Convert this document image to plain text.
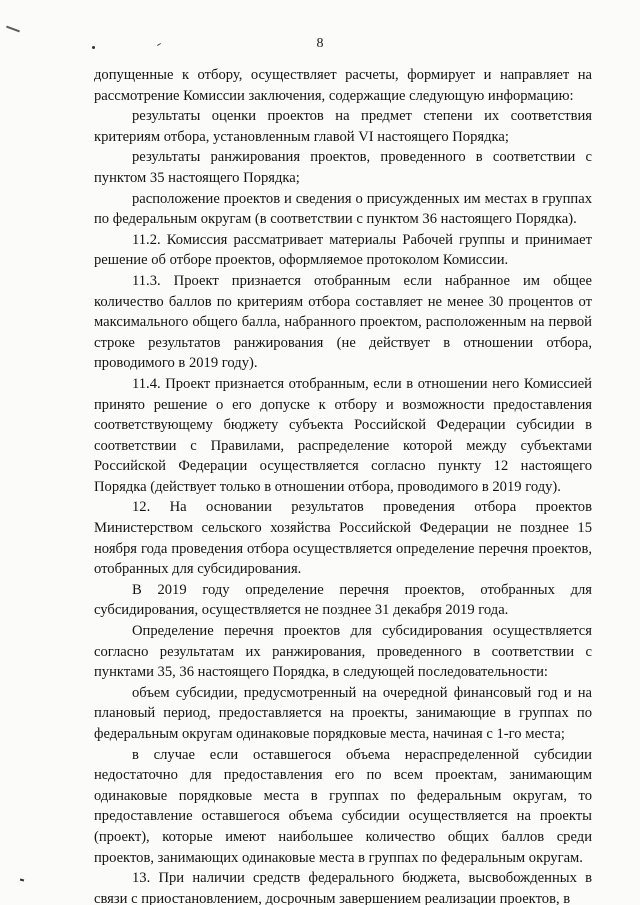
8

допущенные к отбору, осуществляет расчеты, формирует и направляет на рассмотрение Комиссии заключения, содержащие следующую информацию:

результаты оценки проектов на предмет степени их соответствия критериям отбора, установленным главой VI настоящего Порядка;

результаты ранжирования проектов, проведенного в соответствии с пунктом 35 настоящего Порядка;

расположение проектов и сведения о присужденных им местах в группах по федеральным округам (в соответствии с пунктом 36 настоящего Порядка).

11.2. Комиссия рассматривает материалы Рабочей группы и принимает решение об отборе проектов, оформляемое протоколом Комиссии.

11.3. Проект признается отобранным если набранное им общее количество баллов по критериям отбора составляет не менее 30 процентов от максимального общего балла, набранного проектом, расположенным на первой строке результатов ранжирования (не действует в отношении отбора, проводимого в 2019 году).

11.4. Проект признается отобранным, если в отношении него Комиссией принято решение о его допуске к отбору и возможности предоставления соответствующему бюджету субъекта Российской Федерации субсидии в соответствии с Правилами, распределение которой между субъектами Российской Федерации осуществляется согласно пункту 12 настоящего Порядка (действует только в отношении отбора, проводимого в 2019 году).

12. На основании результатов проведения отбора проектов Министерством сельского хозяйства Российской Федерации не позднее 15 ноября года проведения отбора осуществляется определение перечня проектов, отобранных для субсидирования.

В 2019 году определение перечня проектов, отобранных для субсидирования, осуществляется не позднее 31 декабря 2019 года.

Определение перечня проектов для субсидирования осуществляется согласно результатам их ранжирования, проведенного в соответствии с пунктами 35, 36 настоящего Порядка, в следующей последовательности:

объем субсидии, предусмотренный на очередной финансовый год и на плановый период, предоставляется на проекты, занимающие в группах по федеральным округам одинаковые порядковые места, начиная с 1-го места;

в случае если оставшегося объема нераспределенной субсидии недостаточно для предоставления его по всем проектам, занимающим одинаковые порядковые места в группах по федеральным округам, то предоставление оставшегося объема субсидии осуществляется на проекты (проект), которые имеют наибольшее количество общих баллов среди проектов, занимающих одинаковые места в группах по федеральным округам.

13. При наличии средств федерального бюджета, высвобожденных в связи с приостановлением, досрочным завершением реализации проектов, в
